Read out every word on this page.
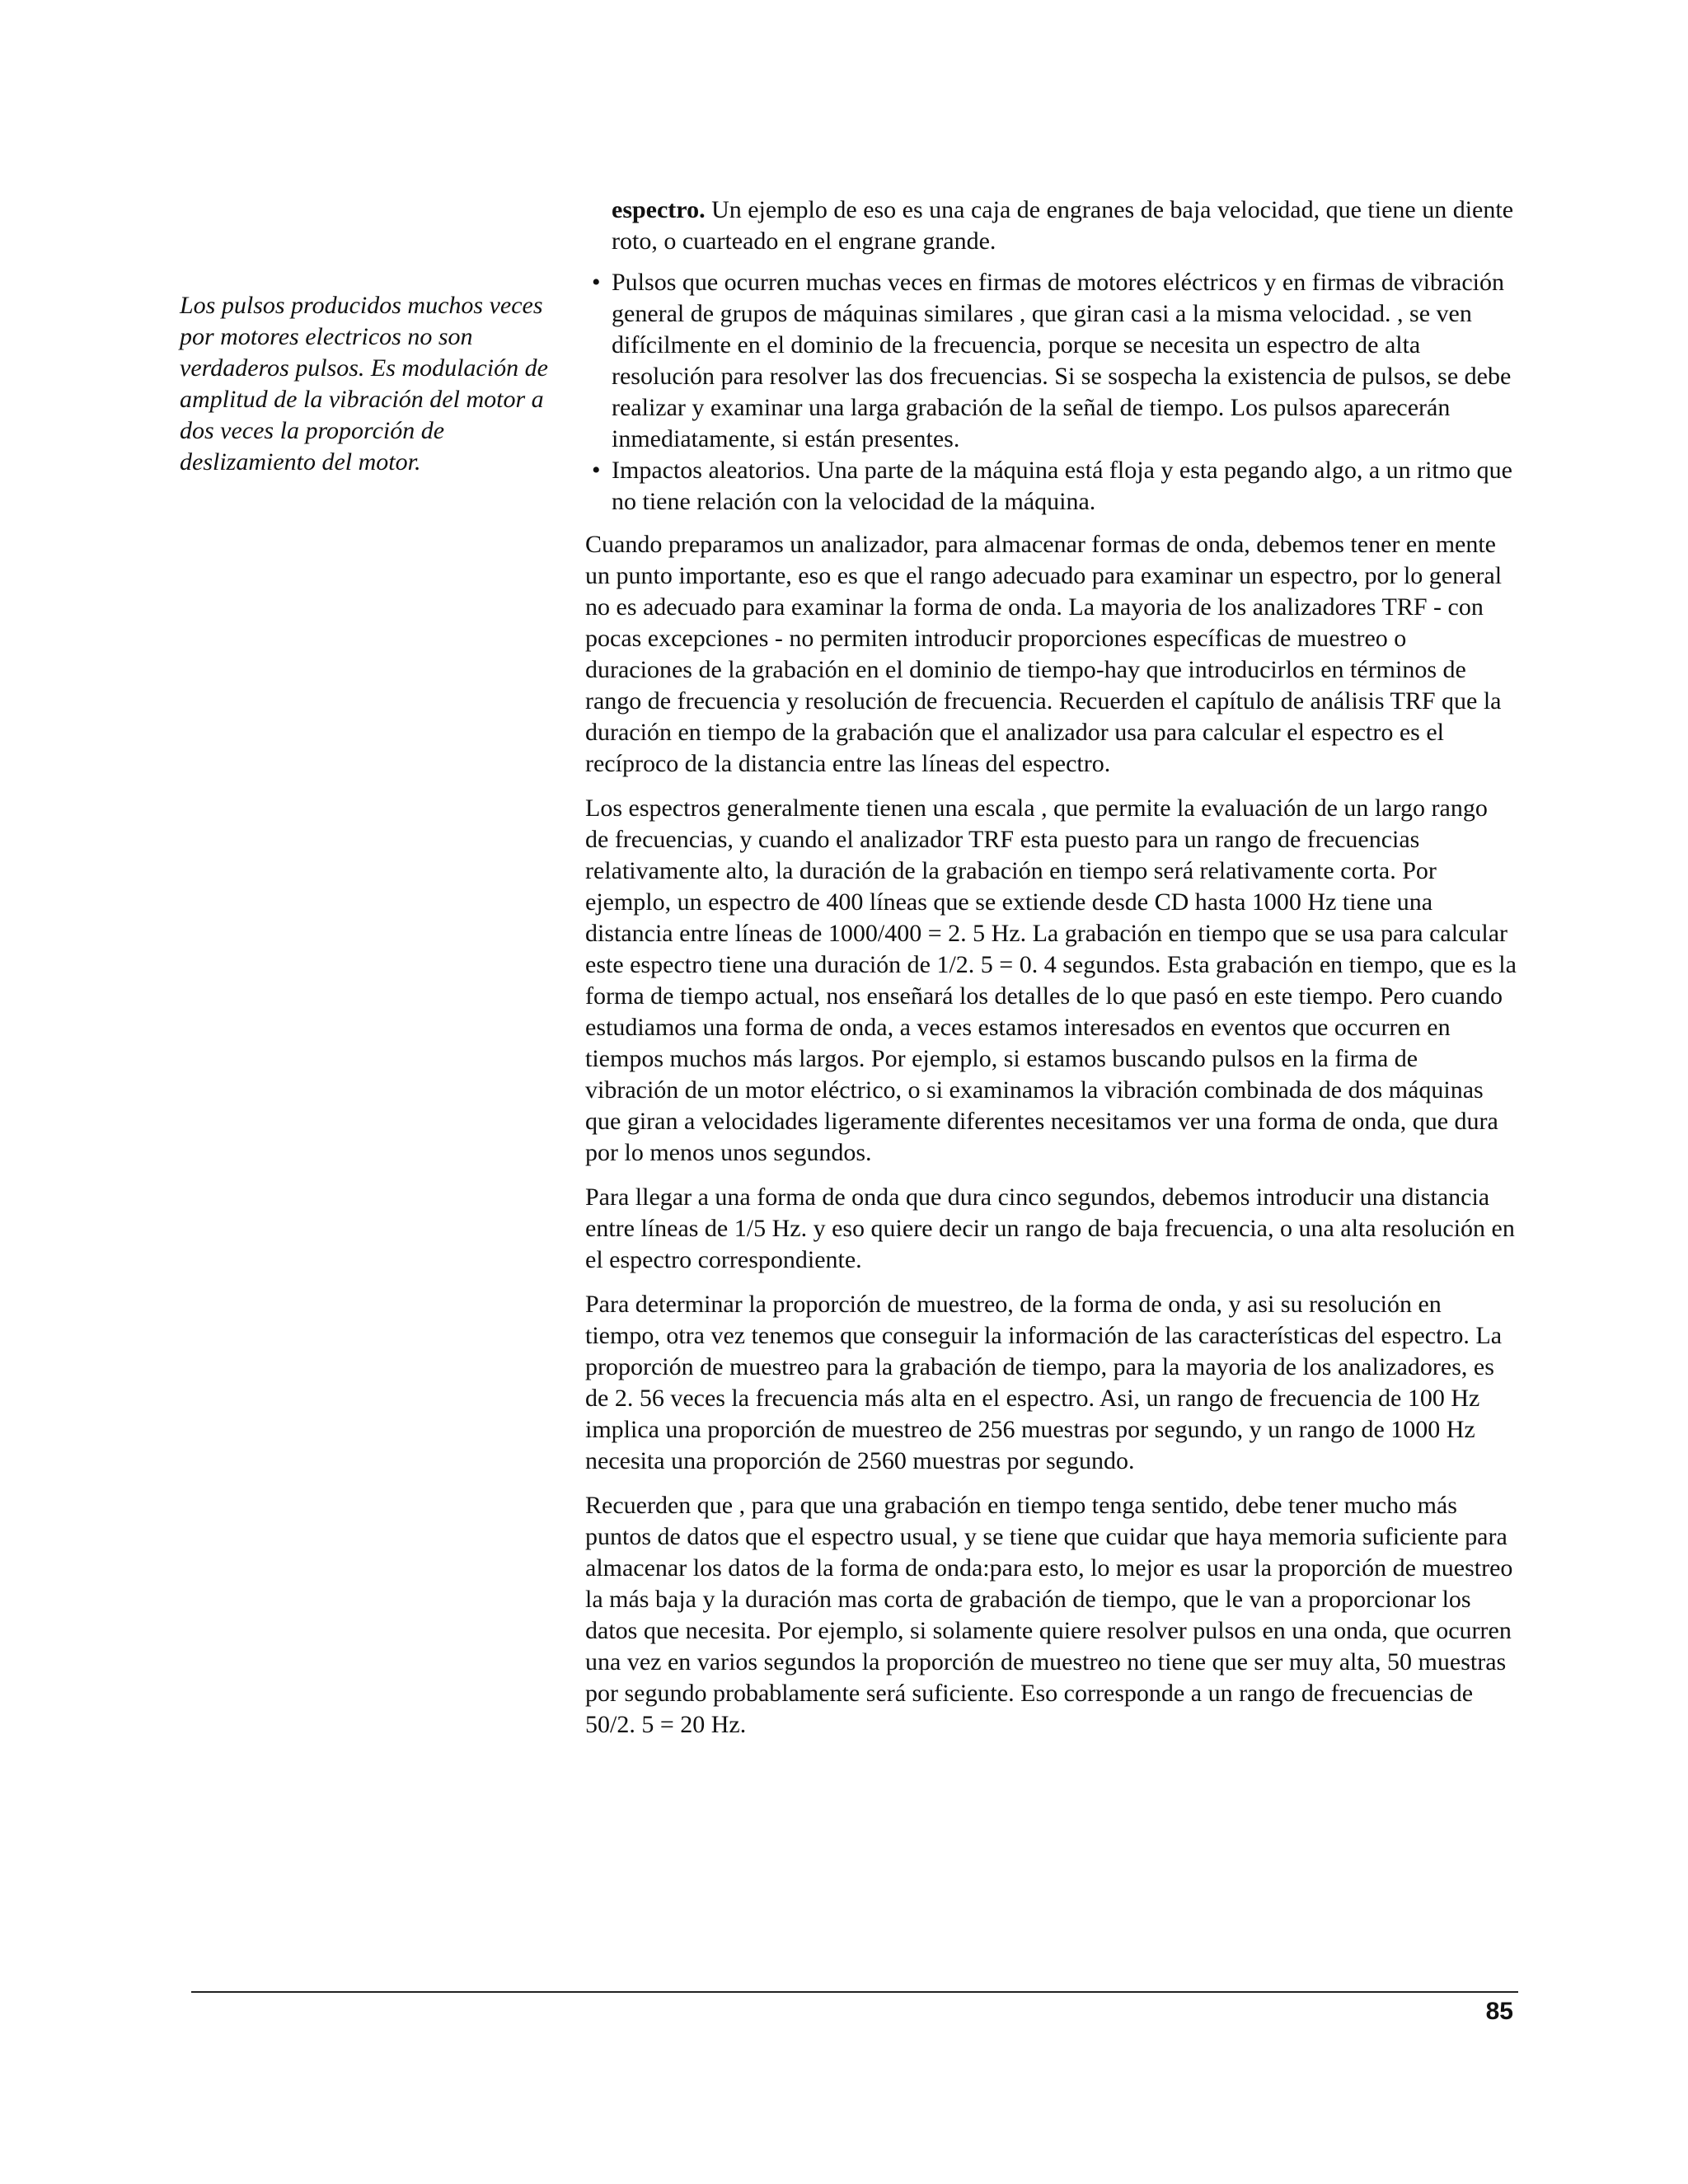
Los pulsos producidos muchos veces por motores electricos no son verdaderos pulsos. Es modulación de amplitud de la vibración del motor a dos veces la proporción de deslizamiento del motor.

espectro. Un ejemplo de eso es una caja de engranes de baja velocidad, que tiene un diente roto, o cuarteado en el engrane grande.

• Pulsos que ocurren muchas veces en firmas de motores eléctricos y en firmas de vibración general de grupos de máquinas similares , que giran casi a la misma velocidad. , se ven difícilmente en el dominio de la frecuencia, porque se necesita un espectro de alta resolución para resolver las dos frecuencias. Si se sospecha la existencia de pulsos, se debe realizar y examinar una larga grabación de la señal de tiempo. Los pulsos aparecerán inmediatamente, si están presentes.
• Impactos aleatorios. Una parte de la máquina está floja y esta pegando algo, a un ritmo que no tiene relación con la velocidad de la máquina.

Cuando preparamos un analizador, para almacenar formas de onda, debemos tener en mente un punto importante, eso es que el rango adecuado para examinar un espectro, por lo general no es adecuado para examinar la forma de onda. La mayoria de los analizadores TRF - con pocas excepciones - no permiten introducir proporciones específicas de muestreo o duraciones de la grabación en el dominio de tiempo-hay que introducirlos en términos de rango de frecuencia y resolución de frecuencia. Recuerden el capítulo de análisis TRF que la duración en tiempo de la grabación que el analizador usa para calcular el espectro es el recíproco de la distancia entre las líneas del espectro.

Los espectros generalmente tienen una escala , que permite la evaluación de un largo rango de frecuencias, y cuando el analizador TRF esta puesto para un rango de frecuencias relativamente alto, la duración de la grabación en tiempo será relativamente corta. Por ejemplo, un espectro de 400 líneas que se extiende desde CD hasta 1000 Hz tiene una distancia entre líneas de 1000/400 = 2. 5 Hz. La grabación en tiempo que se usa para calcular este espectro tiene una duración de 1/2. 5 = 0. 4 segundos. Esta grabación en tiempo, que es la forma de tiempo actual, nos enseñará los detalles de lo que pasó en este tiempo. Pero cuando estudiamos una forma de onda, a veces estamos interesados en eventos que occurren en tiempos muchos más largos. Por ejemplo, si estamos buscando pulsos en la firma de vibración de un motor eléctrico, o si examinamos la vibración combinada de dos máquinas que giran a velocidades ligeramente diferentes necesitamos ver una forma de onda, que dura por lo menos unos segundos.

Para llegar a una forma de onda que dura cinco segundos, debemos introducir una distancia entre líneas de 1/5 Hz. y eso quiere decir un rango de baja frecuencia, o una alta resolución en el espectro correspondiente.

Para determinar la proporción de muestreo, de la forma de onda, y asi su resolución en tiempo, otra vez tenemos que conseguir la información de las características del espectro. La proporción de muestreo para la grabación de tiempo, para la mayoria de los analizadores, es de 2. 56 veces la frecuencia más alta en el espectro. Asi, un rango de frecuencia de 100 Hz implica una proporción de muestreo de 256 muestras por segundo, y un rango de 1000 Hz necesita una proporción de 2560 muestras por segundo.

Recuerden que , para que una grabación en tiempo tenga sentido, debe tener mucho más puntos de datos que el espectro usual, y se tiene que cuidar que haya memoria suficiente para almacenar los datos de la forma de onda:para esto, lo mejor es usar la proporción de muestreo la más baja y la duración mas corta de grabación de tiempo, que le van a proporcionar los datos que necesita. Por ejemplo, si solamente quiere resolver pulsos en una onda, que ocurren una vez en varios segundos la proporción de muestreo no tiene que ser muy alta, 50 muestras por segundo probablamente será suficiente. Eso corresponde a un rango de frecuencias de 50/2. 5 = 20 Hz.

85
